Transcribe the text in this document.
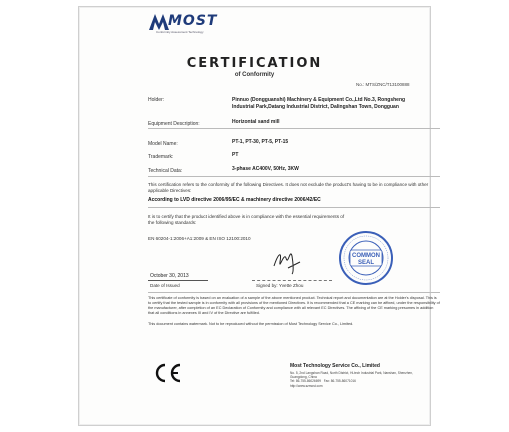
MOST
Conformity Assessment Technology
CERTIFICATION
of Conformity
No.: MTS/ZNC/T13100888
Holder:	Pinnuo (Dongguanshi) Machinery & Equipment Co.,Ltd No.3, Rongsheng Industrial Park,Datang Industrial District, Dalingshan Town, Dongguan
Equipment Description:	Horizontal sand mill
Model Name:	PT-1, PT-30, PT-5, PT-15
Trademark:	PT
Technical Data:	3-phase AC400V, 50Hz, 3KW
This certification refers to the conformity of the following Directives. It does not exclude the product's having to be in compliance with other applicable Directives:
According to LVD directive 2006/95/EC & machinery directive 2006/42/EC
It is to certify that the product identified above is in compliance with the essential requirements of the following standards:
EN 60204-1:2006+A1:2009 & EN ISO 12100:2010
COMMON
SEAL
October 30, 2013
Date of Issued	Signed by: Yvette Zhou
This certificate of conformity is based on an evaluation of a sample of the above mentioned product. Technical report and documentation are at the Holder's disposal. This is to certify that the tested sample is in conformity with all provisions of the mentioned Directives. It is recommended that a CE marking can be affixed, under the responsibility of the manufacturer, after completion of an EC Declaration of Conformity and compliance with all relevant EC Directives. The affixing of the CE marking presumes in addition that all conditions in annexes III and IV of the Directive are fulfilled.
This document contains watermark. Not to be reproduced without the permission of Most Technology Service Co., Limited.
Most Technology Service Co., Limited
No. 5, 2nd Langshan Road, North District, Hi-tech Industrial Park, Nanshan, Shenzhen, Guangdong, China
Tel: 86-755-86026699 Fax: 86-755-86071016
http://www.szmost.com
